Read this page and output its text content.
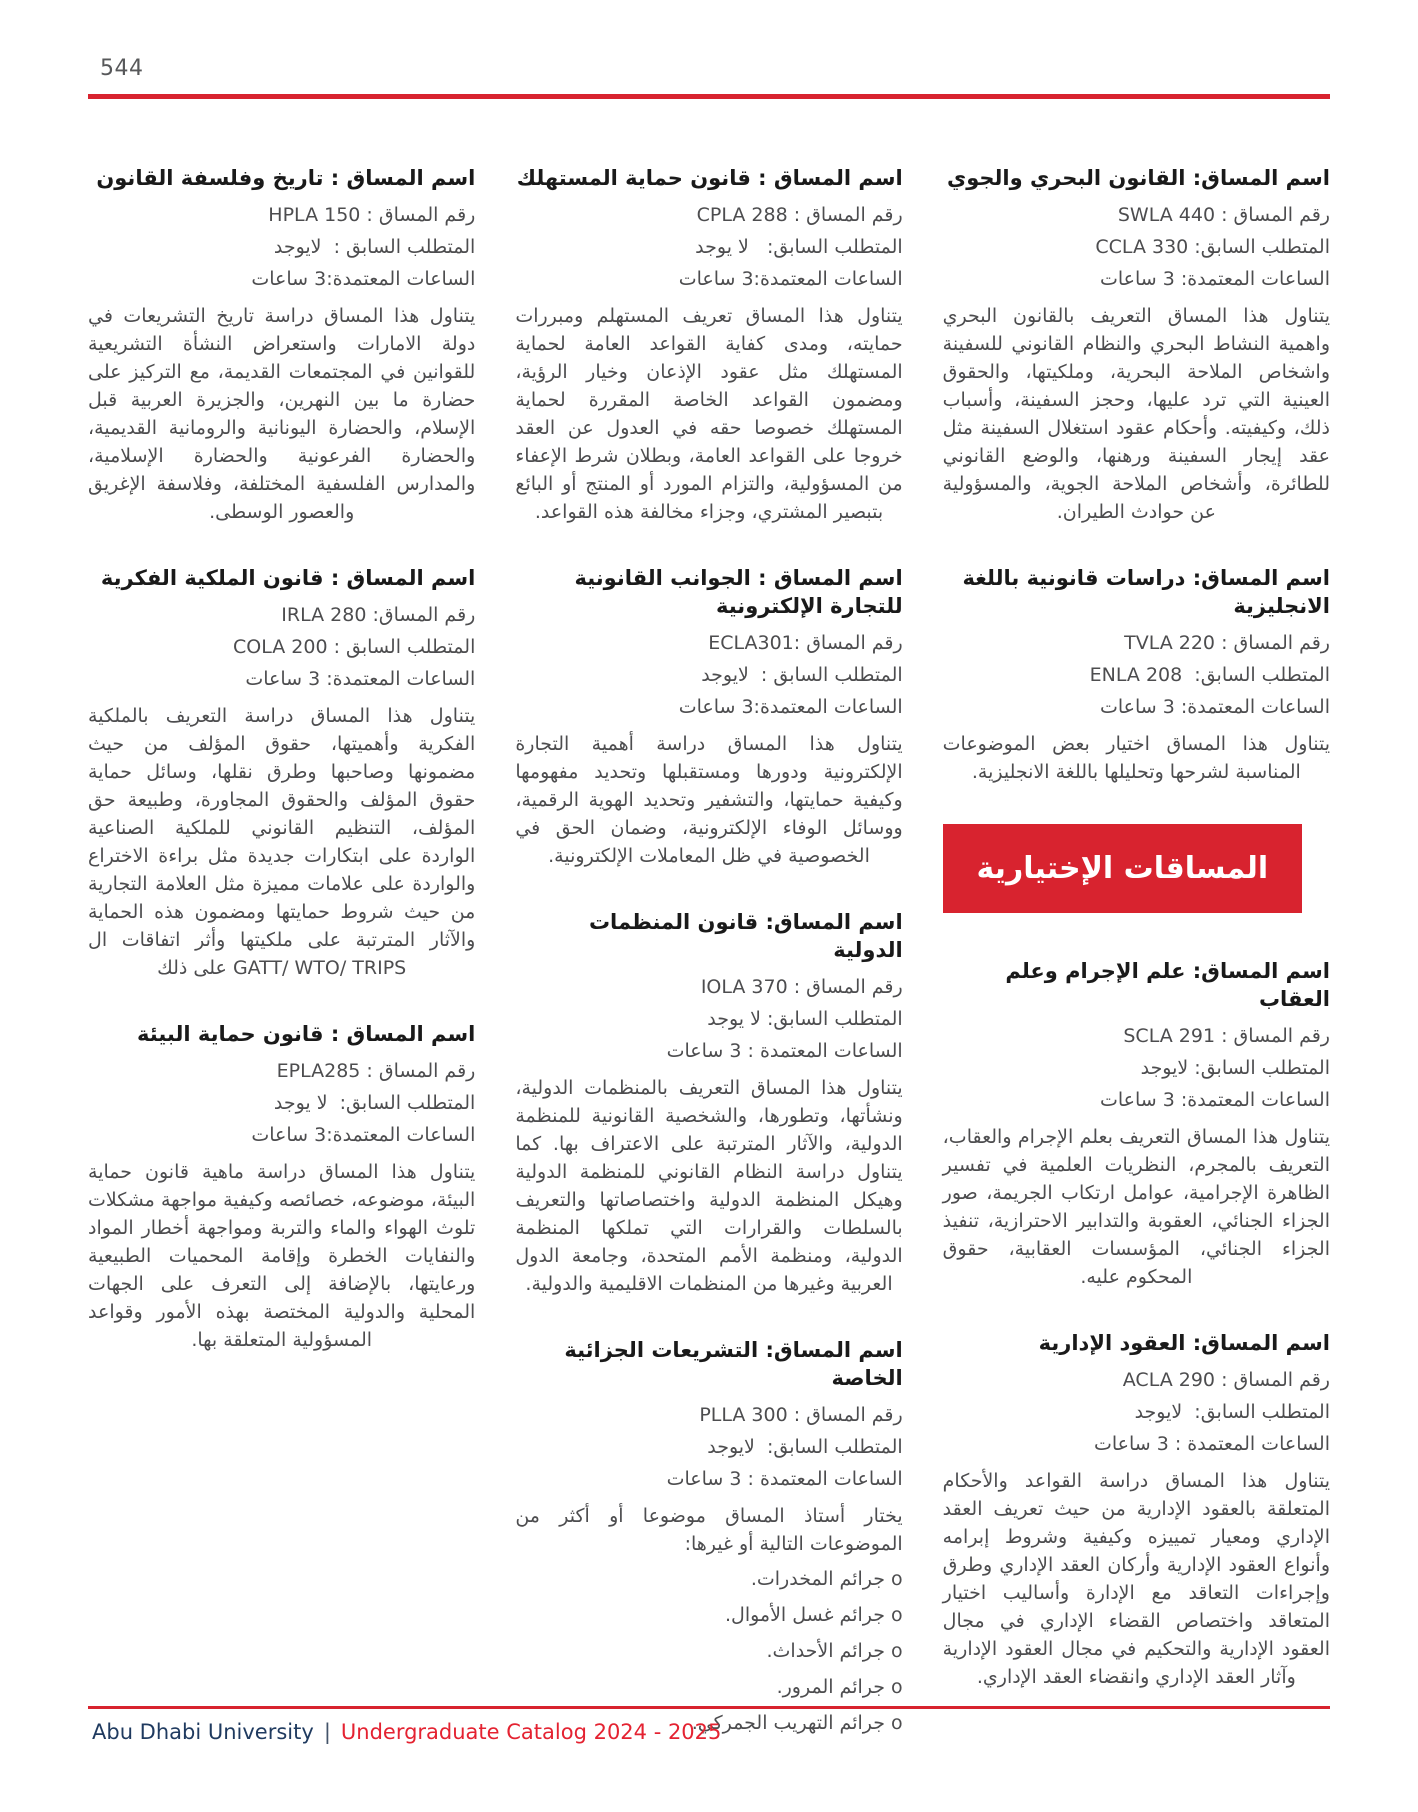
544
اسم المساق: القانون البحري والجوي
رقم المساق : SWLA 440
المتطلب السابق: CCLA 330
الساعات المعتمدة: 3 ساعات

يتناول هذا المساق التعريف بالقانون البحري واهمية النشاط البحري والنظام القانوني للسفينة واشخاص الملاحة البحرية، وملكيتها، والحقوق العينية التي ترد عليها، وحجز السفينة، وأسباب ذلك، وكيفيته. وأحكام عقود استغلال السفينة مثل عقد إيجار السفينة ورهنها، والوضع القانوني للطائرة، وأشخاص الملاحة الجوية، والمسؤولية عن حوادث الطيران.

اسم المساق: دراسات قانونية باللغة الانجليزية
رقم المساق : TVLA 220
المتطلب السابق:  ENLA 208
الساعات المعتمدة: 3 ساعات

يتناول هذا المساق اختيار بعض الموضوعات المناسبة لشرحها وتحليلها باللغة الانجليزية.

المساقات الإختيارية
اسم المساق: علم الإجرام وعلم العقاب
رقم المساق : SCLA 291
المتطلب السابق: لايوجد
الساعات المعتمدة: 3 ساعات

يتناول هذا المساق التعريف بعلم الإجرام والعقاب، التعريف بالمجرم، النظريات العلمية في تفسير الظاهرة الإجرامية، عوامل ارتكاب الجريمة، صور الجزاء الجنائي، العقوبة والتدابير الاحترازية، تنفيذ الجزاء الجنائي، المؤسسات العقابية، حقوق المحكوم عليه.

اسم المساق: العقود الإدارية
رقم المساق : ACLA 290
المتطلب السابق:  لايوجد
الساعات المعتمدة : 3 ساعات

يتناول هذا المساق دراسة القواعد والأحكام المتعلقة بالعقود الإدارية من حيث تعريف العقد الإداري ومعيار تمييزه وكيفية وشروط إبرامه وأنواع العقود الإدارية وأركان العقد الإداري وطرق وإجراءات التعاقد مع الإدارة وأساليب اختيار المتعاقد واختصاص القضاء الإداري في مجال العقود الإدارية والتحكيم في مجال العقود الإدارية وآثار العقد الإداري وانقضاء العقد الإداري.

اسم المساق : قانون حماية المستهلك
رقم المساق : CPLA 288
المتطلب السابق:   لا يوجد
الساعات المعتمدة:3 ساعات

يتناول هذا المساق تعريف المستهلم ومبررات حمايته، ومدى كفاية القواعد العامة لحماية المستهلك مثل عقود الإذعان وخيار الرؤية، ومضمون القواعد الخاصة المقررة لحماية المستهلك خصوصا حقه في العدول عن العقد خروجا على القواعد العامة، وبطلان شرط الإعفاء من المسؤولية، والتزام المورد أو المنتج أو البائع بتبصير المشتري، وجزاء مخالفة هذه القواعد.

اسم المساق : الجوانب القانونية للتجارة الإلكترونية
رقم المساق :ECLA301
المتطلب السابق :  لايوجد
الساعات المعتمدة:3 ساعات

يتناول هذا المساق دراسة أهمية التجارة الإلكترونية ودورها ومستقبلها وتحديد مفهومها وكيفية حمايتها، والتشفير وتحديد الهوية الرقمية، ووسائل الوفاء الإلكترونية، وضمان الحق في الخصوصية في ظل المعاملات الإلكترونية.

اسم المساق: قانون المنظمات الدولية
رقم المساق : IOLA 370
المتطلب السابق: لا يوجد
الساعات المعتمدة : 3 ساعات

يتناول هذا المساق التعريف بالمنظمات الدولية، ونشأتها، وتطورها، والشخصية القانونية للمنظمة الدولية، والآثار المترتبة على الاعتراف بها. كما يتناول دراسة النظام القانوني للمنظمة الدولية وهيكل المنظمة الدولية واختصاصاتها والتعريف بالسلطات والقرارات التي تملكها المنظمة الدولية، ومنظمة الأمم المتحدة، وجامعة الدول العربية وغيرها من المنظمات الاقليمية والدولية.

اسم المساق: التشريعات الجزائية الخاصة
رقم المساق : PLLA 300
المتطلب السابق:  لايوجد
الساعات المعتمدة : 3 ساعات

يختار أستاذ المساق موضوعا أو أكثر من الموضوعات التالية أو غيرها:

o جرائم المخدرات.
o جرائم غسل الأموال.
o جرائم الأحداث.
o جرائم المرور.
o جرائم التهريب الجمركي.
اسم المساق : تاريخ وفلسفة القانون
رقم المساق : HPLA 150
المتطلب السابق :  لايوجد
الساعات المعتمدة:3 ساعات

يتناول هذا المساق دراسة تاريخ التشريعات في دولة الامارات واستعراض النشأة التشريعية للقوانين في المجتمعات القديمة، مع التركيز على حضارة ما بين النهرين، والجزيرة العربية قبل الإسلام، والحضارة اليونانية والرومانية القديمية، والحضارة الفرعونية والحضارة الإسلامية، والمدارس الفلسفية المختلفة، وفلاسفة الإغريق والعصور الوسطى.

اسم المساق : قانون الملكية الفكرية
رقم المساق: IRLA 280
المتطلب السابق : COLA 200
الساعات المعتمدة: 3 ساعات

يتناول هذا المساق دراسة التعريف بالملكية الفكرية وأهميتها، حقوق المؤلف من حيث مضمونها وصاحبها وطرق نقلها، وسائل حماية حقوق المؤلف والحقوق المجاورة، وطبيعة حق المؤلف، التنظيم القانوني للملكية الصناعية الواردة على ابتكارات جديدة مثل براءة الاختراع والواردة على علامات مميزة مثل العلامة التجارية من حيث شروط حمايتها ومضمون هذه الحماية والآثار المترتبة على ملكيتها وأثر اتفاقات ال GATT/ WTO/ TRIPS على ذلك

اسم المساق : قانون حماية البيئة
رقم المساق : EPLA285
المتطلب السابق:  لا يوجد
الساعات المعتمدة:3 ساعات

يتناول هذا المساق دراسة ماهية قانون حماية البيئة، موضوعه، خصائصه وكيفية مواجهة مشكلات تلوث الهواء والماء والتربة ومواجهة أخطار المواد والنفايات الخطرة وإقامة المحميات الطبيعية ورعايتها، بالإضافة إلى التعرف على الجهات المحلية والدولية المختصة بهذه الأمور وقواعد المسؤولية المتعلقة بها.

Abu Dhabi University | Undergraduate Catalog 2024 - 2025
